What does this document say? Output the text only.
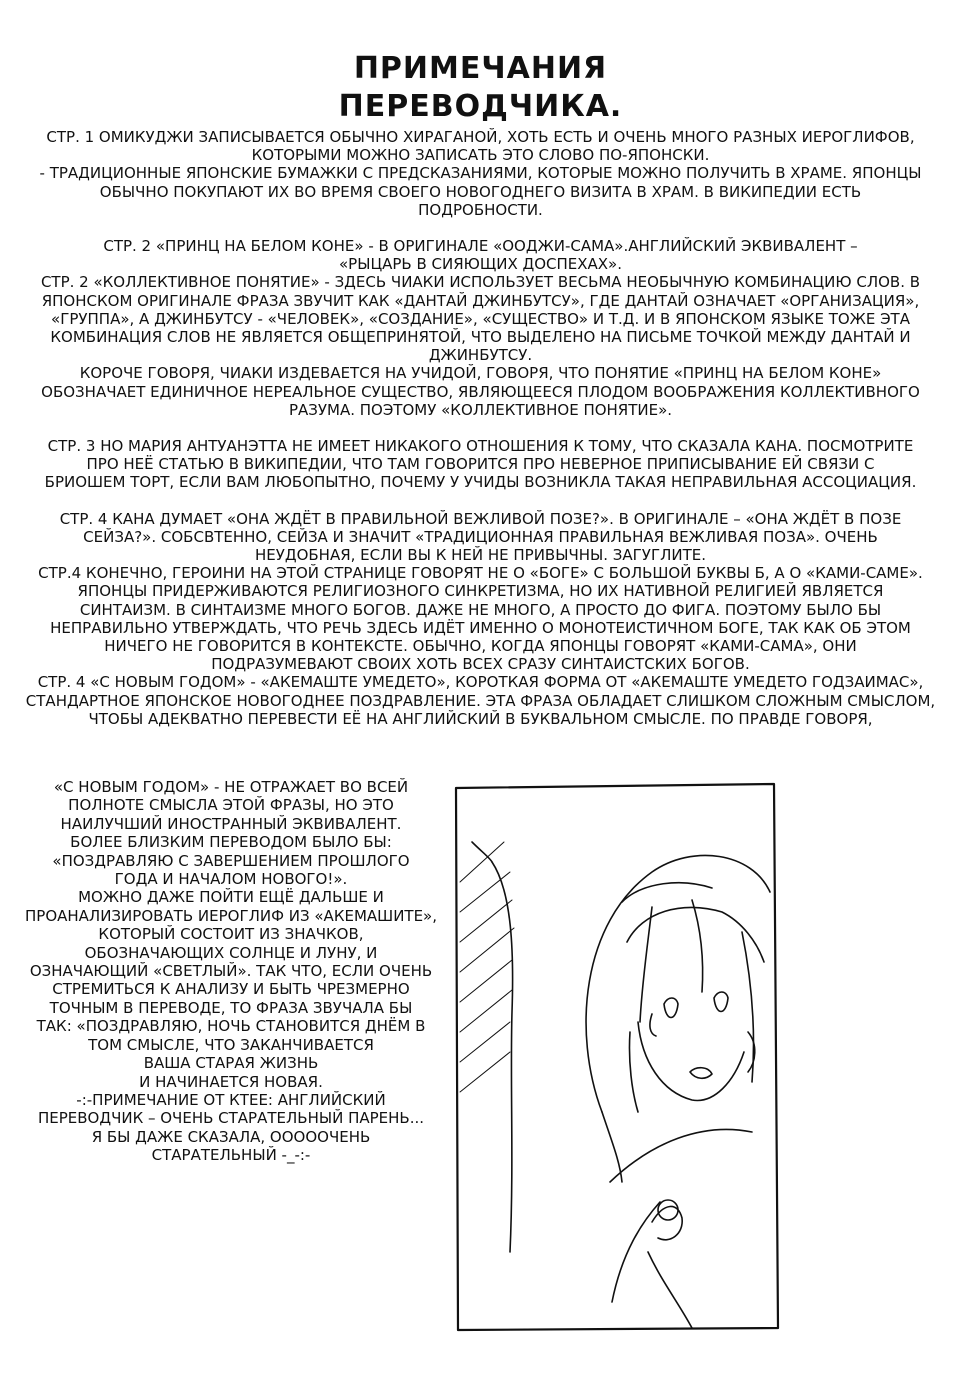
ПРИМЕЧАНИЯ
ПЕРЕВОДЧИКА.
СТР. 1 ОМИКУДЖИ ЗАПИСЫВАЕТСЯ ОБЫЧНО ХИРАГАНОЙ, ХОТЬ ЕСТЬ И ОЧЕНЬ МНОГО РАЗНЫХ ИЕРОГЛИФОВ,
КОТОРЫМИ МОЖНО ЗАПИСАТЬ ЭТО СЛОВО ПО-ЯПОНСКИ.
- ТРАДИЦИОННЫЕ ЯПОНСКИЕ БУМАЖКИ С ПРЕДСКАЗАНИЯМИ, КОТОРЫЕ МОЖНО ПОЛУЧИТЬ В ХРАМЕ. ЯПОНЦЫ
ОБЫЧНО ПОКУПАЮТ ИХ ВО ВРЕМЯ СВОЕГО НОВОГОДНЕГО ВИЗИТА В ХРАМ. В ВИКИПЕДИИ ЕСТЬ
ПОДРОБНОСТИ.
СТР. 2 «ПРИНЦ НА БЕЛОМ КОНЕ» - В ОРИГИНАЛЕ «ООДЖИ-САМА».АНГЛИЙСКИЙ ЭКВИВАЛЕНТ –
«РЫЦАРЬ В СИЯЮЩИХ ДОСПЕХАХ».
СТР. 2 «КОЛЛЕКТИВНОЕ ПОНЯТИЕ» - ЗДЕСЬ ЧИАКИ ИСПОЛЬЗУЕТ ВЕСЬМА НЕОБЫЧНУЮ КОМБИНАЦИЮ СЛОВ. В
ЯПОНСКОМ ОРИГИНАЛЕ ФРАЗА ЗВУЧИТ КАК «ДАНТАЙ ДЖИНБУТСУ», ГДЕ ДАНТАЙ ОЗНАЧАЕТ «ОРГАНИЗАЦИЯ»,
«ГРУППА», А ДЖИНБУТСУ - «ЧЕЛОВЕК», «СОЗДАНИЕ», «СУЩЕСТВО» И Т.Д. И В ЯПОНСКОМ ЯЗЫКЕ ТОЖЕ ЭТА
КОМБИНАЦИЯ СЛОВ НЕ ЯВЛЯЕТСЯ ОБЩЕПРИНЯТОЙ, ЧТО ВЫДЕЛЕНО НА ПИСЬМЕ ТОЧКОЙ МЕЖДУ ДАНТАЙ И
ДЖИНБУТСУ.
КОРОЧЕ ГОВОРЯ, ЧИАКИ ИЗДЕВАЕТСЯ НА УЧИДОЙ, ГОВОРЯ, ЧТО ПОНЯТИЕ «ПРИНЦ НА БЕЛОМ КОНЕ»
ОБОЗНАЧАЕТ ЕДИНИЧНОЕ НЕРЕАЛЬНОЕ СУЩЕСТВО, ЯВЛЯЮЩЕЕСЯ ПЛОДОМ ВООБРАЖЕНИЯ КОЛЛЕКТИВНОГО
РАЗУМА. ПОЭТОМУ «КОЛЛЕКТИВНОЕ ПОНЯТИЕ».
СТР. 3 НО МАРИЯ АНТУАНЭТТА НЕ ИМЕЕТ НИКАКОГО ОТНОШЕНИЯ К ТОМУ, ЧТО СКАЗАЛА КАНА. ПОСМОТРИТЕ
ПРО НЕЁ СТАТЬЮ В ВИКИПЕДИИ, ЧТО ТАМ ГОВОРИТСЯ ПРО НЕВЕРНОЕ ПРИПИСЫВАНИЕ ЕЙ СВЯЗИ С
БРИОШЕМ ТОРТ, ЕСЛИ ВАМ ЛЮБОПЫТНО, ПОЧЕМУ У УЧИДЫ ВОЗНИКЛА ТАКАЯ НЕПРАВИЛЬНАЯ АССОЦИАЦИЯ.
СТР. 4 КАНА ДУМАЕТ «ОНА ЖДЁТ В ПРАВИЛЬНОЙ ВЕЖЛИВОЙ ПОЗЕ?». В ОРИГИНАЛЕ – «ОНА ЖДЁТ В ПОЗЕ
СЕЙЗА?». СОБСВТЕННО, СЕЙЗА И ЗНАЧИТ «ТРАДИЦИОННАЯ ПРАВИЛЬНАЯ ВЕЖЛИВАЯ ПОЗА». ОЧЕНЬ
НЕУДОБНАЯ, ЕСЛИ ВЫ К НЕЙ НЕ ПРИВЫЧНЫ. ЗАГУГЛИТЕ.
СТР.4 КОНЕЧНО, ГЕРОИНИ НА ЭТОЙ СТРАНИЦЕ ГОВОРЯТ НЕ О «БОГЕ» С БОЛЬШОЙ БУКВЫ Б, А О «КАМИ-САМЕ».
ЯПОНЦЫ ПРИДЕРЖИВАЮТСЯ РЕЛИГИОЗНОГО СИНКРЕТИЗМА, НО ИХ НАТИВНОЙ РЕЛИГИЕЙ ЯВЛЯЕТСЯ
СИНТАИЗМ. В СИНТАИЗМЕ МНОГО БОГОВ. ДАЖЕ НЕ МНОГО, А ПРОСТО ДО ФИГА. ПОЭТОМУ БЫЛО БЫ
НЕПРАВИЛЬНО УТВЕРЖДАТЬ, ЧТО РЕЧЬ ЗДЕСЬ ИДЁТ ИМЕННО О МОНОТЕИСТИЧНОМ БОГЕ, ТАК КАК ОБ ЭТОМ
НИЧЕГО НЕ ГОВОРИТСЯ В КОНТЕКСТЕ. ОБЫЧНО, КОГДА ЯПОНЦЫ ГОВОРЯТ «КАМИ-САМА», ОНИ
ПОДРАЗУМЕВАЮТ СВОИХ ХОТЬ ВСЕХ СРАЗУ СИНТАИСТСКИХ БОГОВ.
СТР. 4 «С НОВЫМ ГОДОМ» - «АКЕМАШТЕ УМЕДЕТО», КОРОТКАЯ ФОРМА ОТ «АКЕМАШТЕ УМЕДЕТО ГОДЗАИМАС»,
СТАНДАРТНОЕ ЯПОНСКОЕ НОВОГОДНЕЕ ПОЗДРАВЛЕНИЕ. ЭТА ФРАЗА ОБЛАДАЕТ СЛИШКОМ СЛОЖНЫМ СМЫСЛОМ,
ЧТОБЫ АДЕКВАТНО ПЕРЕВЕСТИ ЕЁ НА АНГЛИЙСКИЙ В БУКВАЛЬНОМ СМЫСЛЕ. ПО ПРАВДЕ ГОВОРЯ,
«С НОВЫМ ГОДОМ» - НЕ ОТРАЖАЕТ ВО ВСЕЙ
ПОЛНОТЕ СМЫСЛА ЭТОЙ ФРАЗЫ, НО ЭТО
НАИЛУЧШИЙ ИНОСТРАННЫЙ ЭКВИВАЛЕНТ.
БОЛЕЕ БЛИЗКИМ ПЕРЕВОДОМ БЫЛО БЫ:
«ПОЗДРАВЛЯЮ С ЗАВЕРШЕНИЕМ ПРОШЛОГО
ГОДА И НАЧАЛОМ НОВОГО!».
МОЖНО ДАЖЕ ПОЙТИ ЕЩЁ ДАЛЬШЕ И
ПРОАНАЛИЗИРОВАТЬ ИЕРОГЛИФ ИЗ «АКЕМАШИТЕ»,
КОТОРЫЙ СОСТОИТ ИЗ ЗНАЧКОВ,
ОБОЗНАЧАЮЩИХ СОЛНЦЕ И ЛУНУ, И
ОЗНАЧАЮЩИЙ «СВЕТЛЫЙ». ТАК ЧТО, ЕСЛИ ОЧЕНЬ
СТРЕМИТЬСЯ К АНАЛИЗУ И БЫТЬ ЧРЕЗМЕРНО
ТОЧНЫМ В ПЕРЕВОДЕ, ТО ФРАЗА ЗВУЧАЛА БЫ
ТАК: «ПОЗДРАВЛЯЮ, НОЧЬ СТАНОВИТСЯ ДНЁМ В
ТОМ СМЫСЛЕ, ЧТО ЗАКАНЧИВАЕТСЯ
ВАША СТАРАЯ ЖИЗНЬ
И НАЧИНАЕТСЯ НОВАЯ.
-:-ПРИМЕЧАНИЕ ОТ КТЕЕ: АНГЛИЙСКИЙ
ПЕРЕВОДЧИК – ОЧЕНЬ СТАРАТЕЛЬНЫЙ ПАРЕНЬ...
Я БЫ ДАЖЕ СКАЗАЛА, ОООООЧЕНЬ
СТАРАТЕЛЬНЫЙ -_-:-
